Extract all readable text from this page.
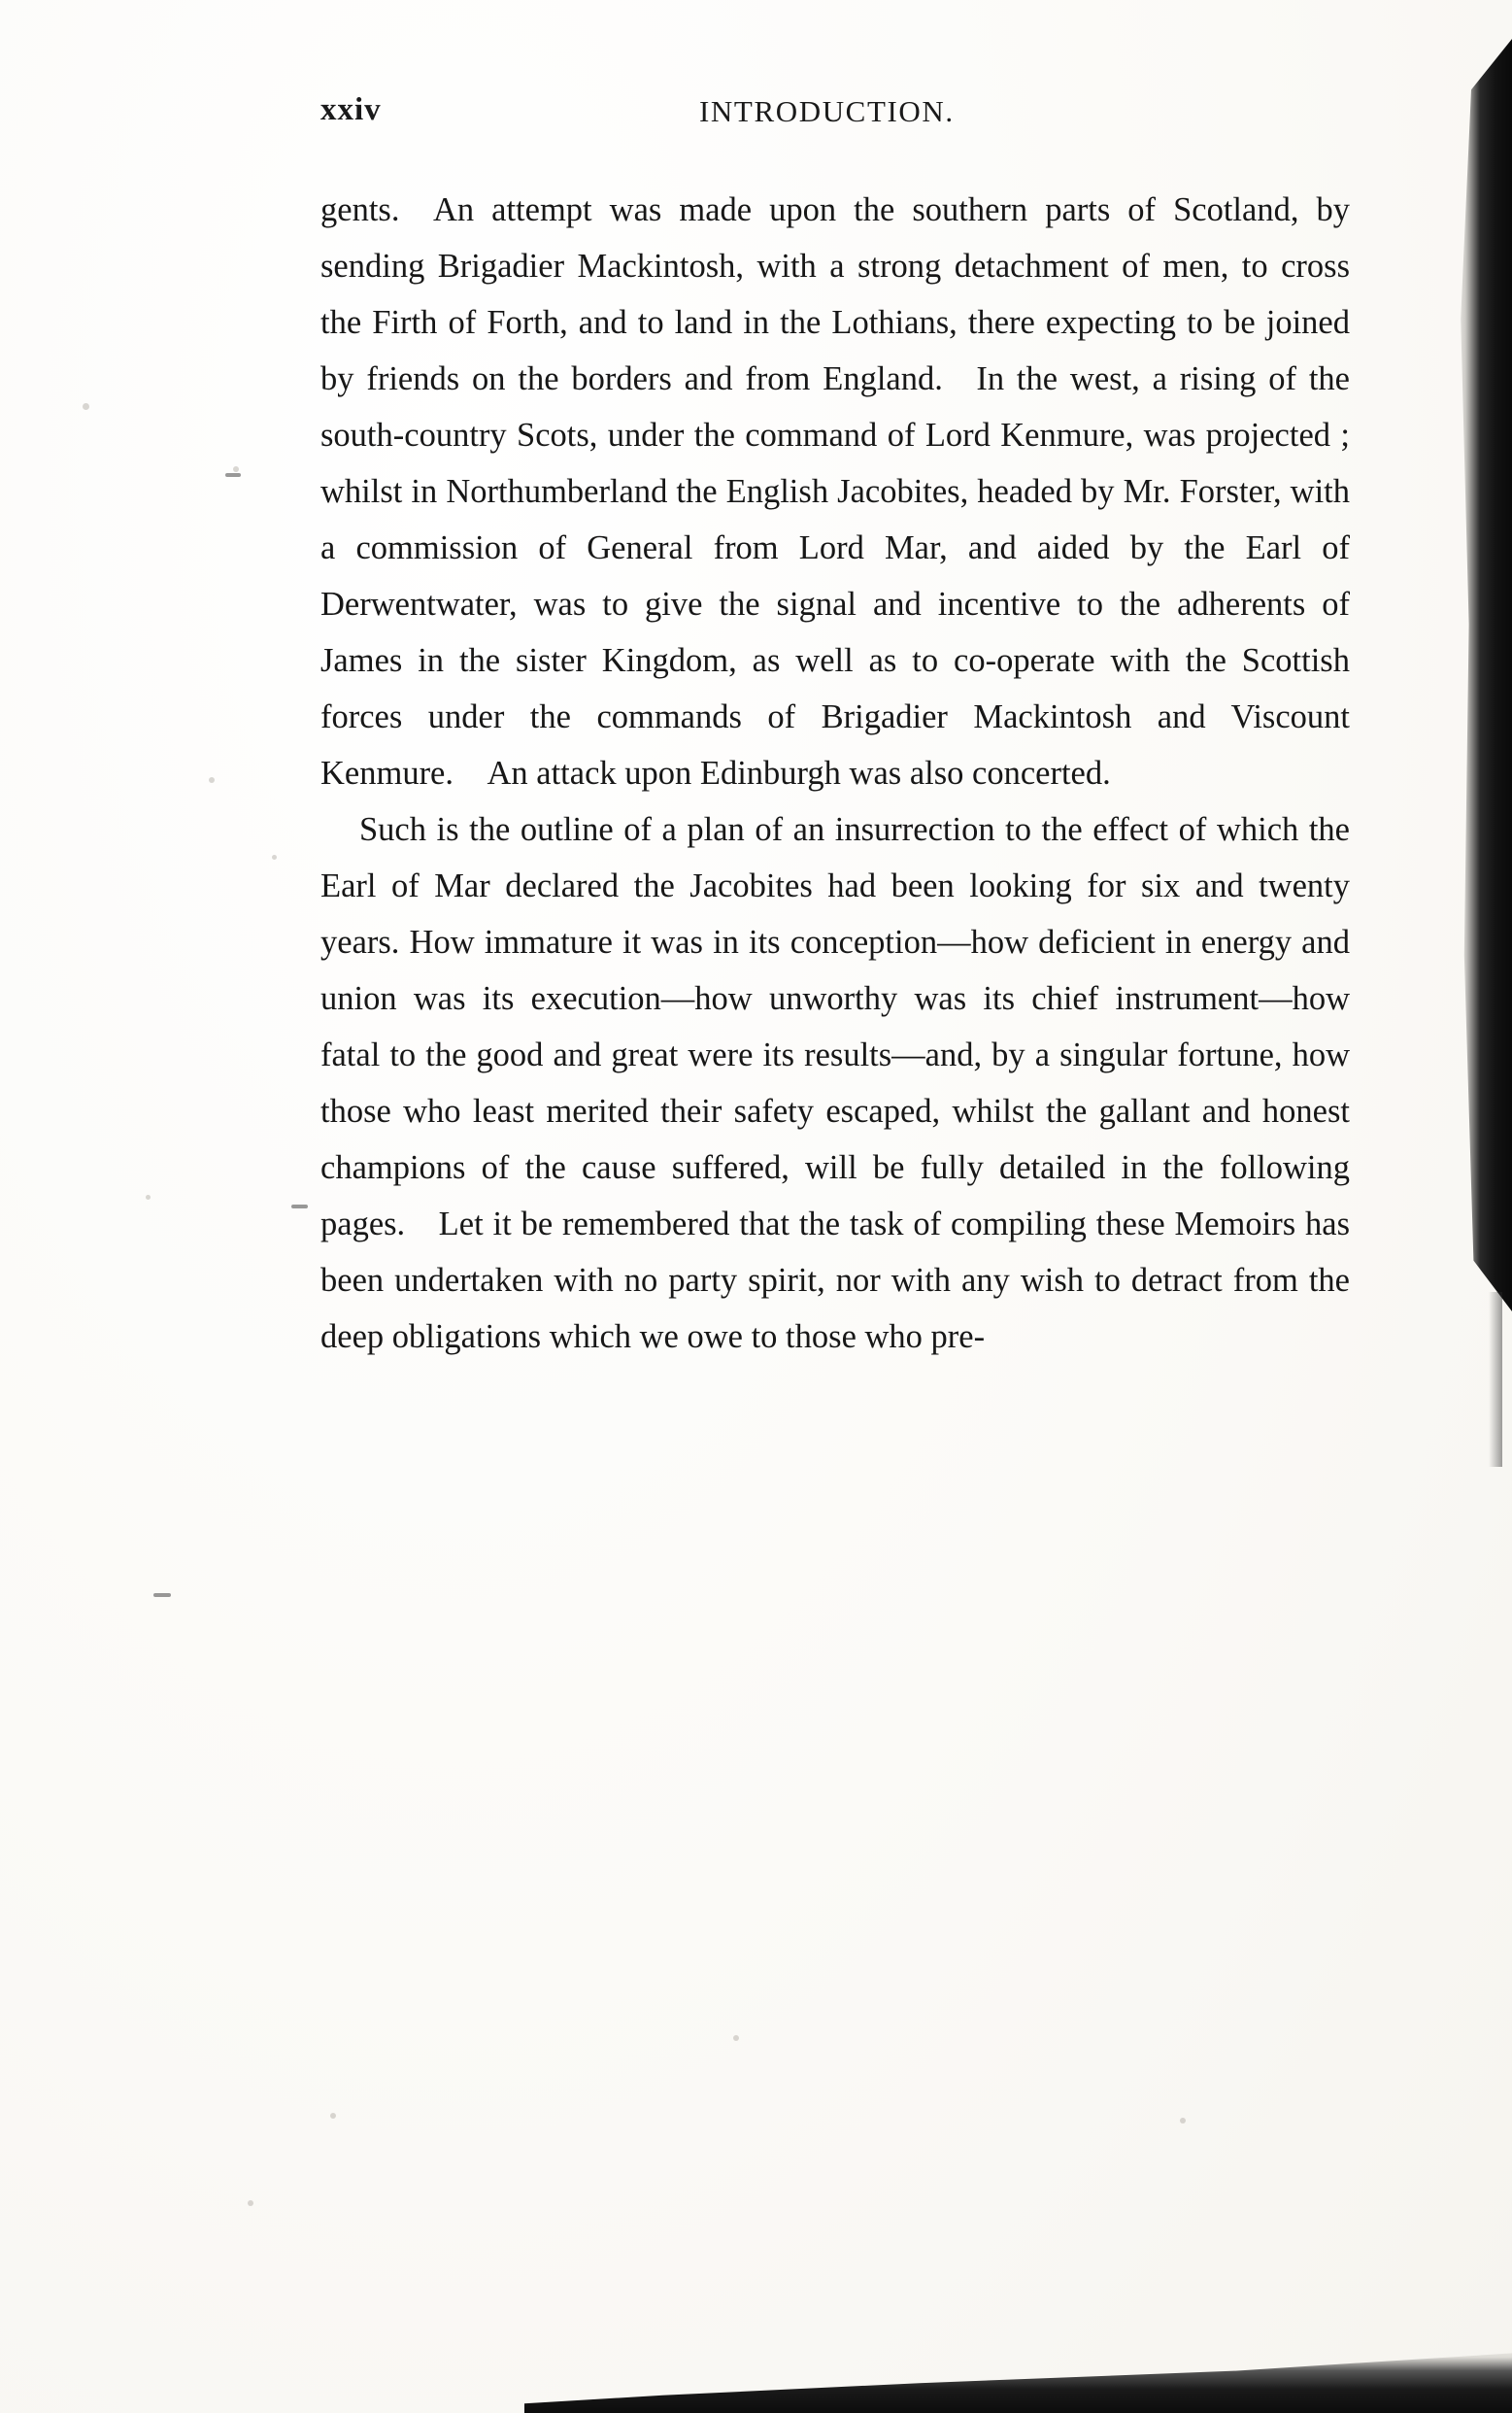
xxiv	INTRODUCTION.

gents. An attempt was made upon the southern parts of Scotland, by sending Brigadier Mackintosh, with a strong detachment of men, to cross the Firth of Forth, and to land in the Lothians, there expecting to be joined by friends on the borders and from England. In the west, a rising of the south-country Scots, under the command of Lord Kenmure, was projected ; whilst in Northumberland the English Jacobites, headed by Mr. Forster, with a commission of General from Lord Mar, and aided by the Earl of Derwentwater, was to give the signal and incentive to the adherents of James in the sister Kingdom, as well as to co-operate with the Scottish forces under the commands of Brigadier Mackintosh and Viscount Kenmure. An attack upon Edinburgh was also concerted.

Such is the outline of a plan of an insurrection to the effect of which the Earl of Mar declared the Jacobites had been looking for six and twenty years. How immature it was in its conception—how deficient in energy and union was its execution—how unworthy was its chief instrument—how fatal to the good and great were its results—and, by a singular fortune, how those who least merited their safety escaped, whilst the gallant and honest champions of the cause suffered, will be fully detailed in the following pages. Let it be remembered that the task of compiling these Memoirs has been undertaken with no party spirit, nor with any wish to detract from the deep obligations which we owe to those who pre-
